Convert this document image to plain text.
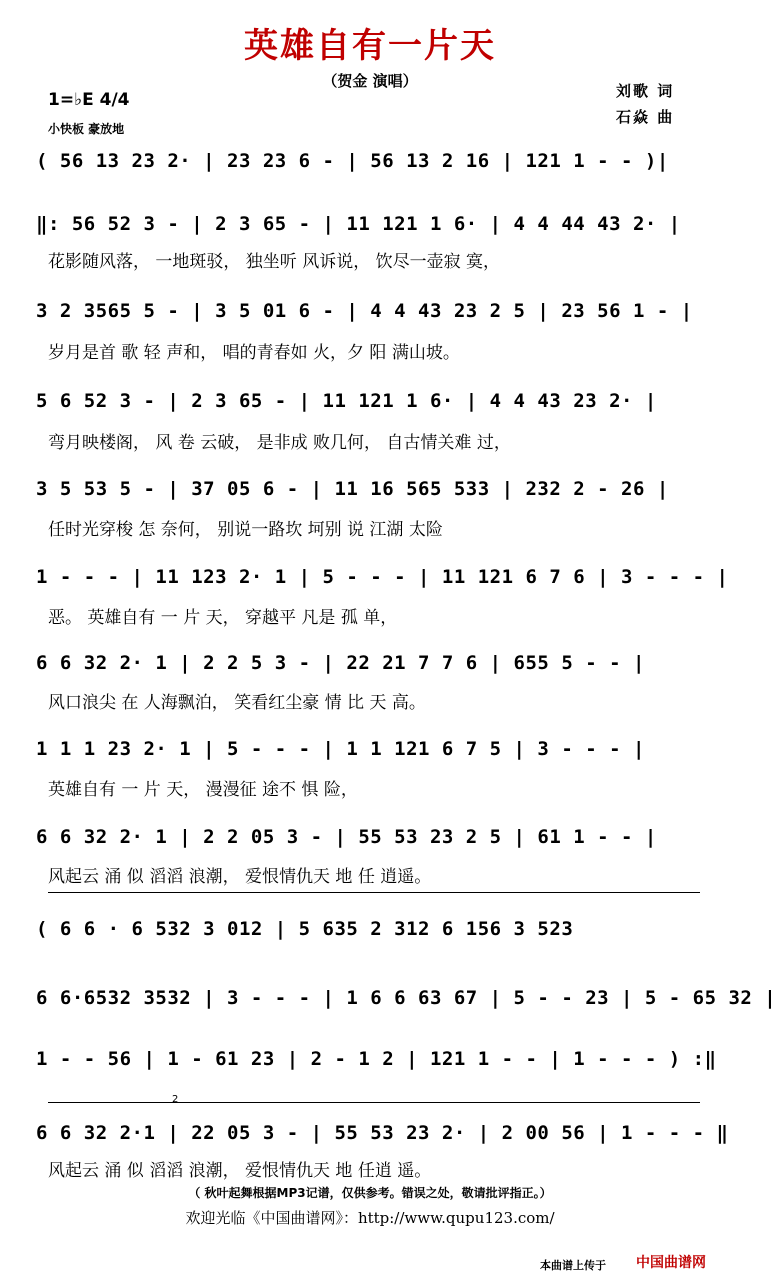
英雄自有一片天
（贺金 演唱）
1=♭E 4/4
小快板 豪放地
刘歌 词
石焱 曲
( 56 13 23 2· | 23 23 6 - | 56 13 2 16 | 121 1 - - )|
‖: 56 52 3 - | 2 3 65 - | 11 121 1 6· | 4 4 44 43 2· |
花影随风落， 一地斑驳， 独坐听 风诉说， 饮尽一壶寂 寞，
3 2 3565 5 - | 3 5 01 6 - | 4 4 43 23 2 5 | 23 56 1 - |
岁月是首 歌 轻 声和， 唱的青春如 火，夕 阳 满山坡。
5 6 52 3 - | 2 3 65 - | 11 121 1 6· | 4 4 43 23 2· |
弯月映楼阁， 风 卷 云破， 是非成 败几何， 自古情关难 过，
3 5 53 5 - | 37 05 6 - | 11 16 565 533 | 232 2 - 26 |
任时光穿梭 怎 奈何， 别说一路坎 坷别 说 江湖 太险
1 - - - | 11 123 2· 1 | 5 - - - | 11 121 6 7 6 | 3 - - - |
恶。 英雄自有 一 片 天， 穿越平 凡是 孤 单，
6 6 32 2· 1 | 2 2 5 3 - | 22 21 7 7 6 | 655 5 - - |
风口浪尖 在 人海飘泊， 笑看红尘豪 情 比 天 高。
1 1 1 23 2· 1 | 5 - - - | 1 1 121 6 7 5 | 3 - - - |
英雄自有 一 片 天， 漫漫征 途不 惧 险，
6 6 32 2· 1 | 2 2 05 3 - | 55 53 23 2 5 | 61 1 - - |
风起云 涌 似 滔滔 浪潮， 爱恨情仇天 地 任 逍遥。
( 6 6 · 6 532 3 012 | 5 635 2 312 6 156 3 523
6 6·6532 3532 | 3 - - - | 1 6 6 63 67 | 5 - - 23 | 5 - 65 32 |
1 - - 56 | 1 - 61 23 | 2 - 1 2 | 121 1 - - | 1 - - - ) :‖
2
6 6 32 2·1 | 22 05 3 - | 55 53 23 2· | 2 00 56 | 1 - - - ‖
风起云 涌 似 滔滔 浪潮， 爱恨情仇天 地 任逍 遥。
（ 秋叶起舞根据MP3记谱，仅供参考。错误之处，敬请批评指正。）
欢迎光临《中国曲谱网》：http://www.qupu123.com/
本曲谱上传于 中国曲谱网
